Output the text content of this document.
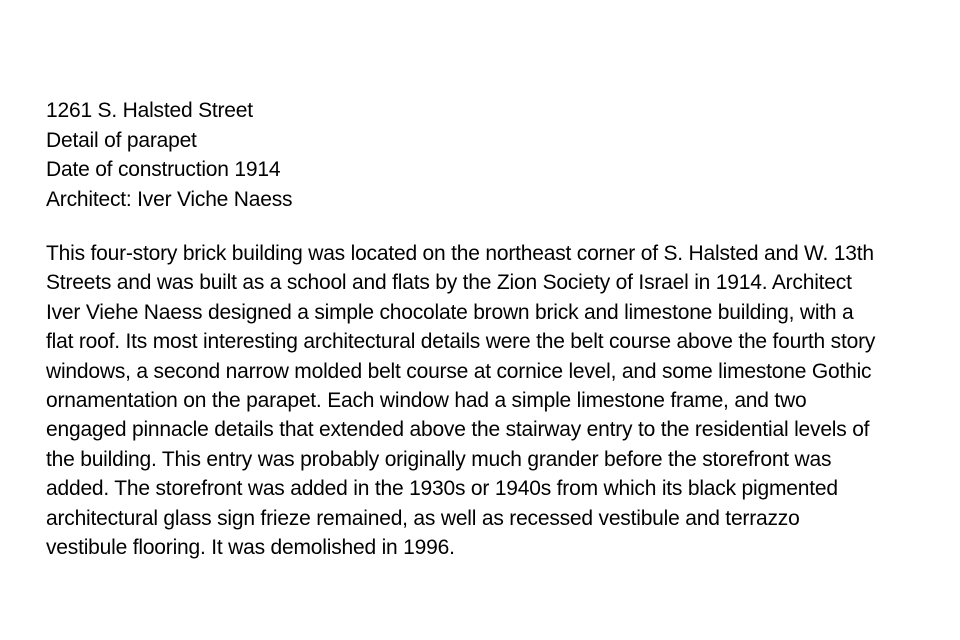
1261 S. Halsted Street
Detail of parapet
Date of construction 1914
Architect: Iver Viche Naess
This four-story brick building was located on the northeast corner of S. Halsted and W. 13th
Streets and was built as a school and flats by the Zion Society of Israel in 1914. Architect
Iver Viehe Naess designed a simple chocolate brown brick and limestone building, with a
flat roof. Its most interesting architectural details were the belt course above the fourth story
windows, a second narrow molded belt course at cornice level, and some limestone Gothic
ornamentation on the parapet. Each window had a simple limestone frame, and two
engaged pinnacle details that extended above the stairway entry to the residential levels of
the building. This entry was probably originally much grander before the storefront was
added. The storefront was added in the 1930s or 1940s from which its black pigmented
architectural glass sign frieze remained, as well as recessed vestibule and terrazzo
vestibule flooring. It was demolished in 1996.
